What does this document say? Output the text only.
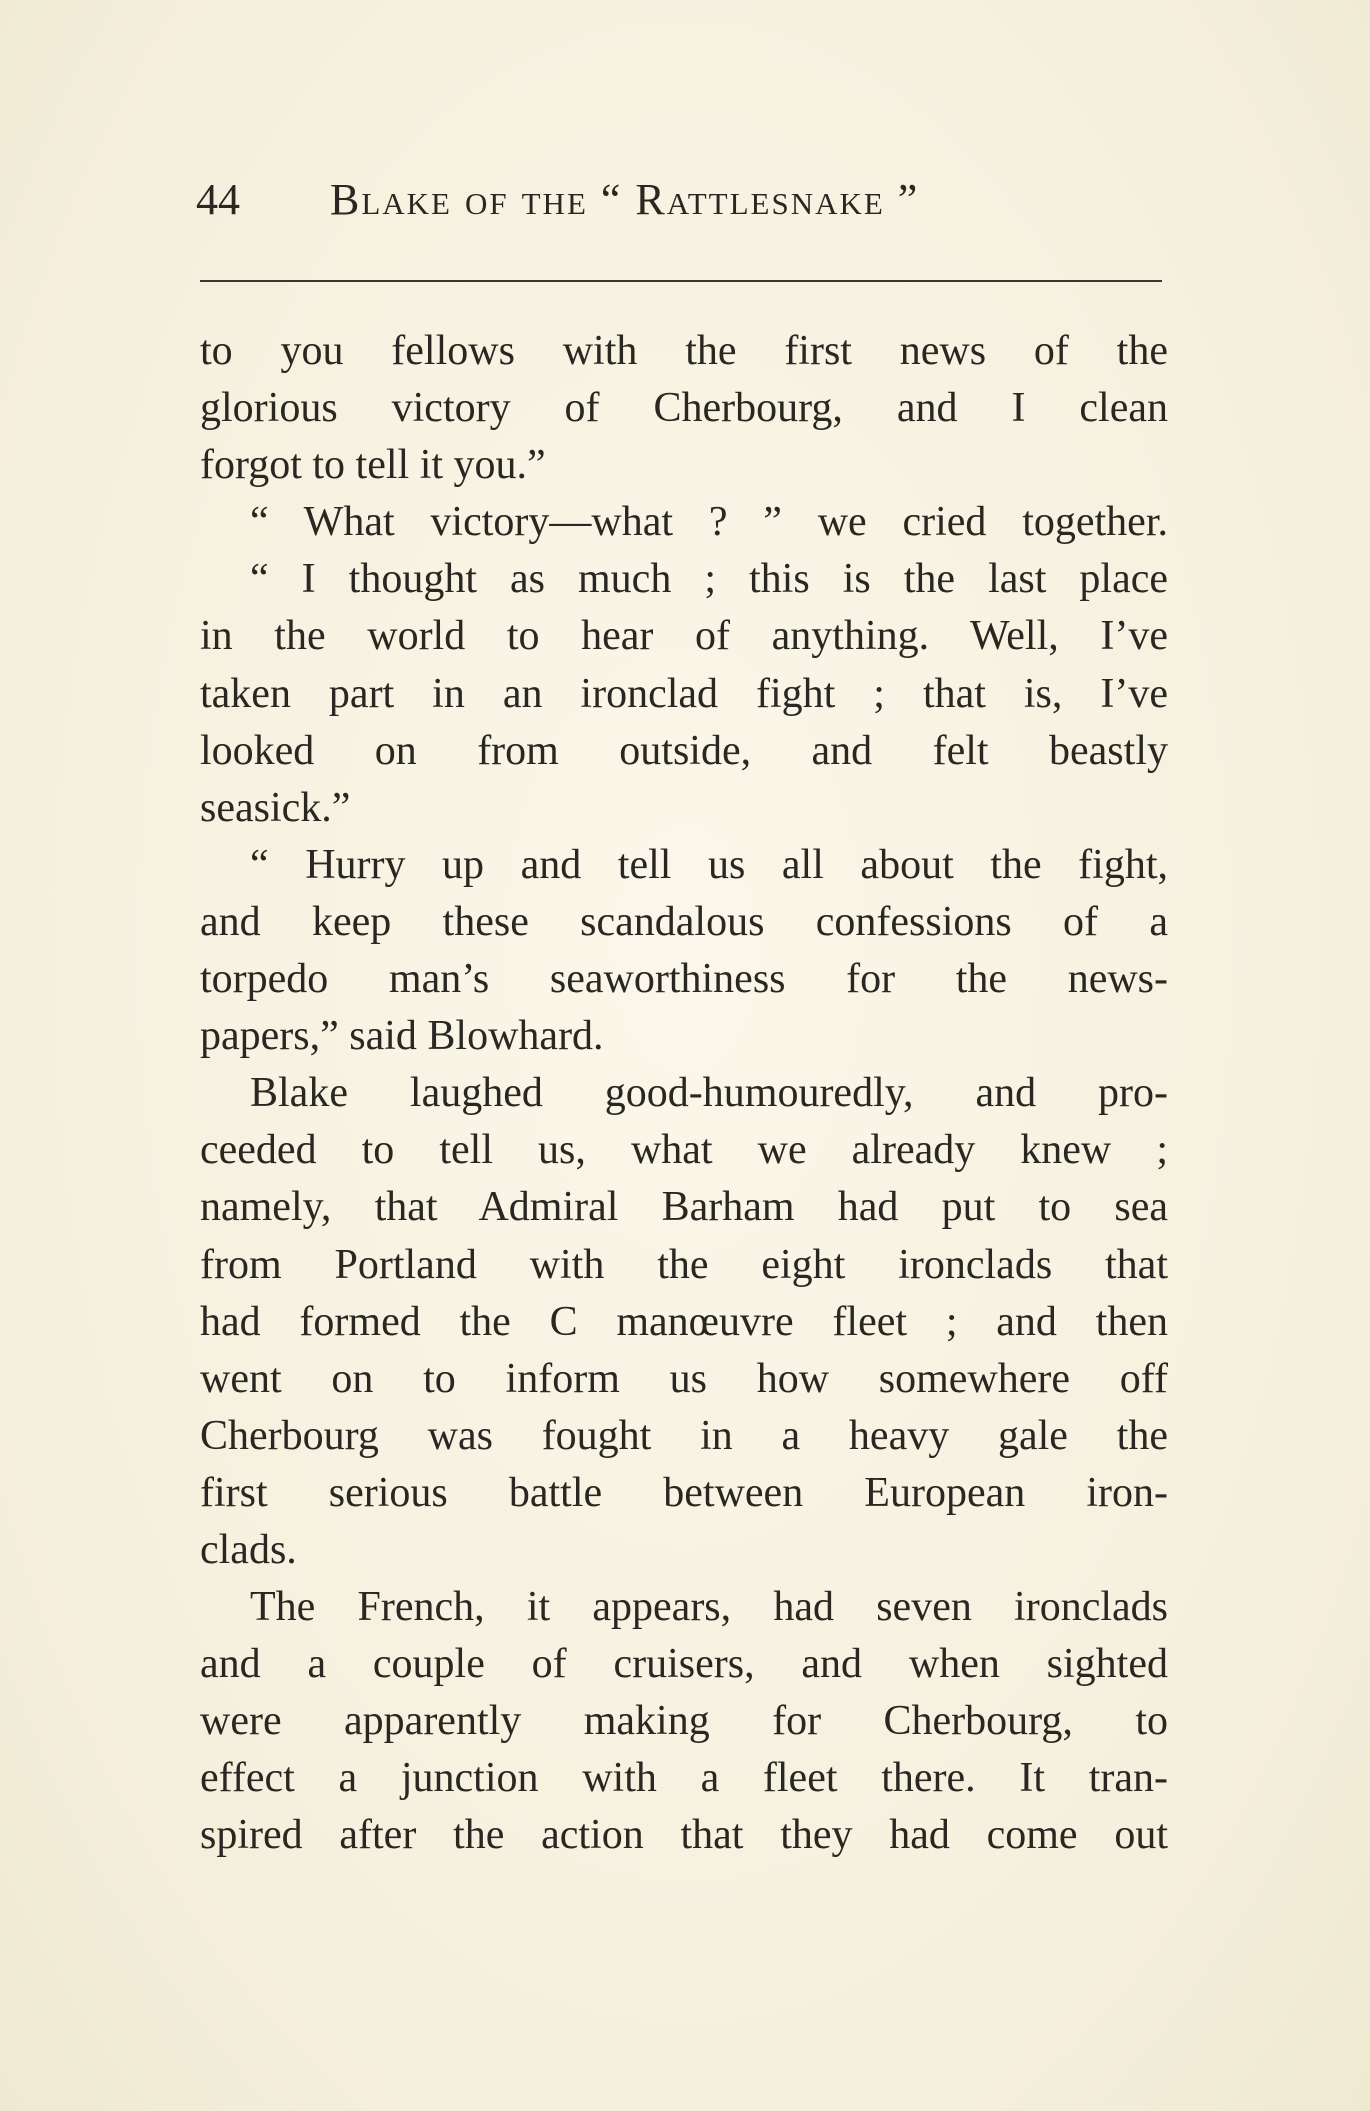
44 Blake of the “ Rattlesnake ”
to you fellows with the first news of the
glorious victory of Cherbourg, and I clean
forgot to tell it you.”
“ What victory—what ? ” we cried together.
“ I thought as much ; this is the last place
in the world to hear of anything. Well, I’ve
taken part in an ironclad fight ; that is, I’ve
looked on from outside, and felt beastly
seasick.”
“ Hurry up and tell us all about the fight,
and keep these scandalous confessions of a
torpedo man’s seaworthiness for the news-
papers,” said Blowhard.
Blake laughed good-humouredly, and pro-
ceeded to tell us, what we already knew ;
namely, that Admiral Barham had put to sea
from Portland with the eight ironclads that
had formed the C manœuvre fleet ; and then
went on to inform us how somewhere off
Cherbourg was fought in a heavy gale the
first serious battle between European iron-
clads.
The French, it appears, had seven ironclads
and a couple of cruisers, and when sighted
were apparently making for Cherbourg, to
effect a junction with a fleet there. It tran-
spired after the action that they had come out
